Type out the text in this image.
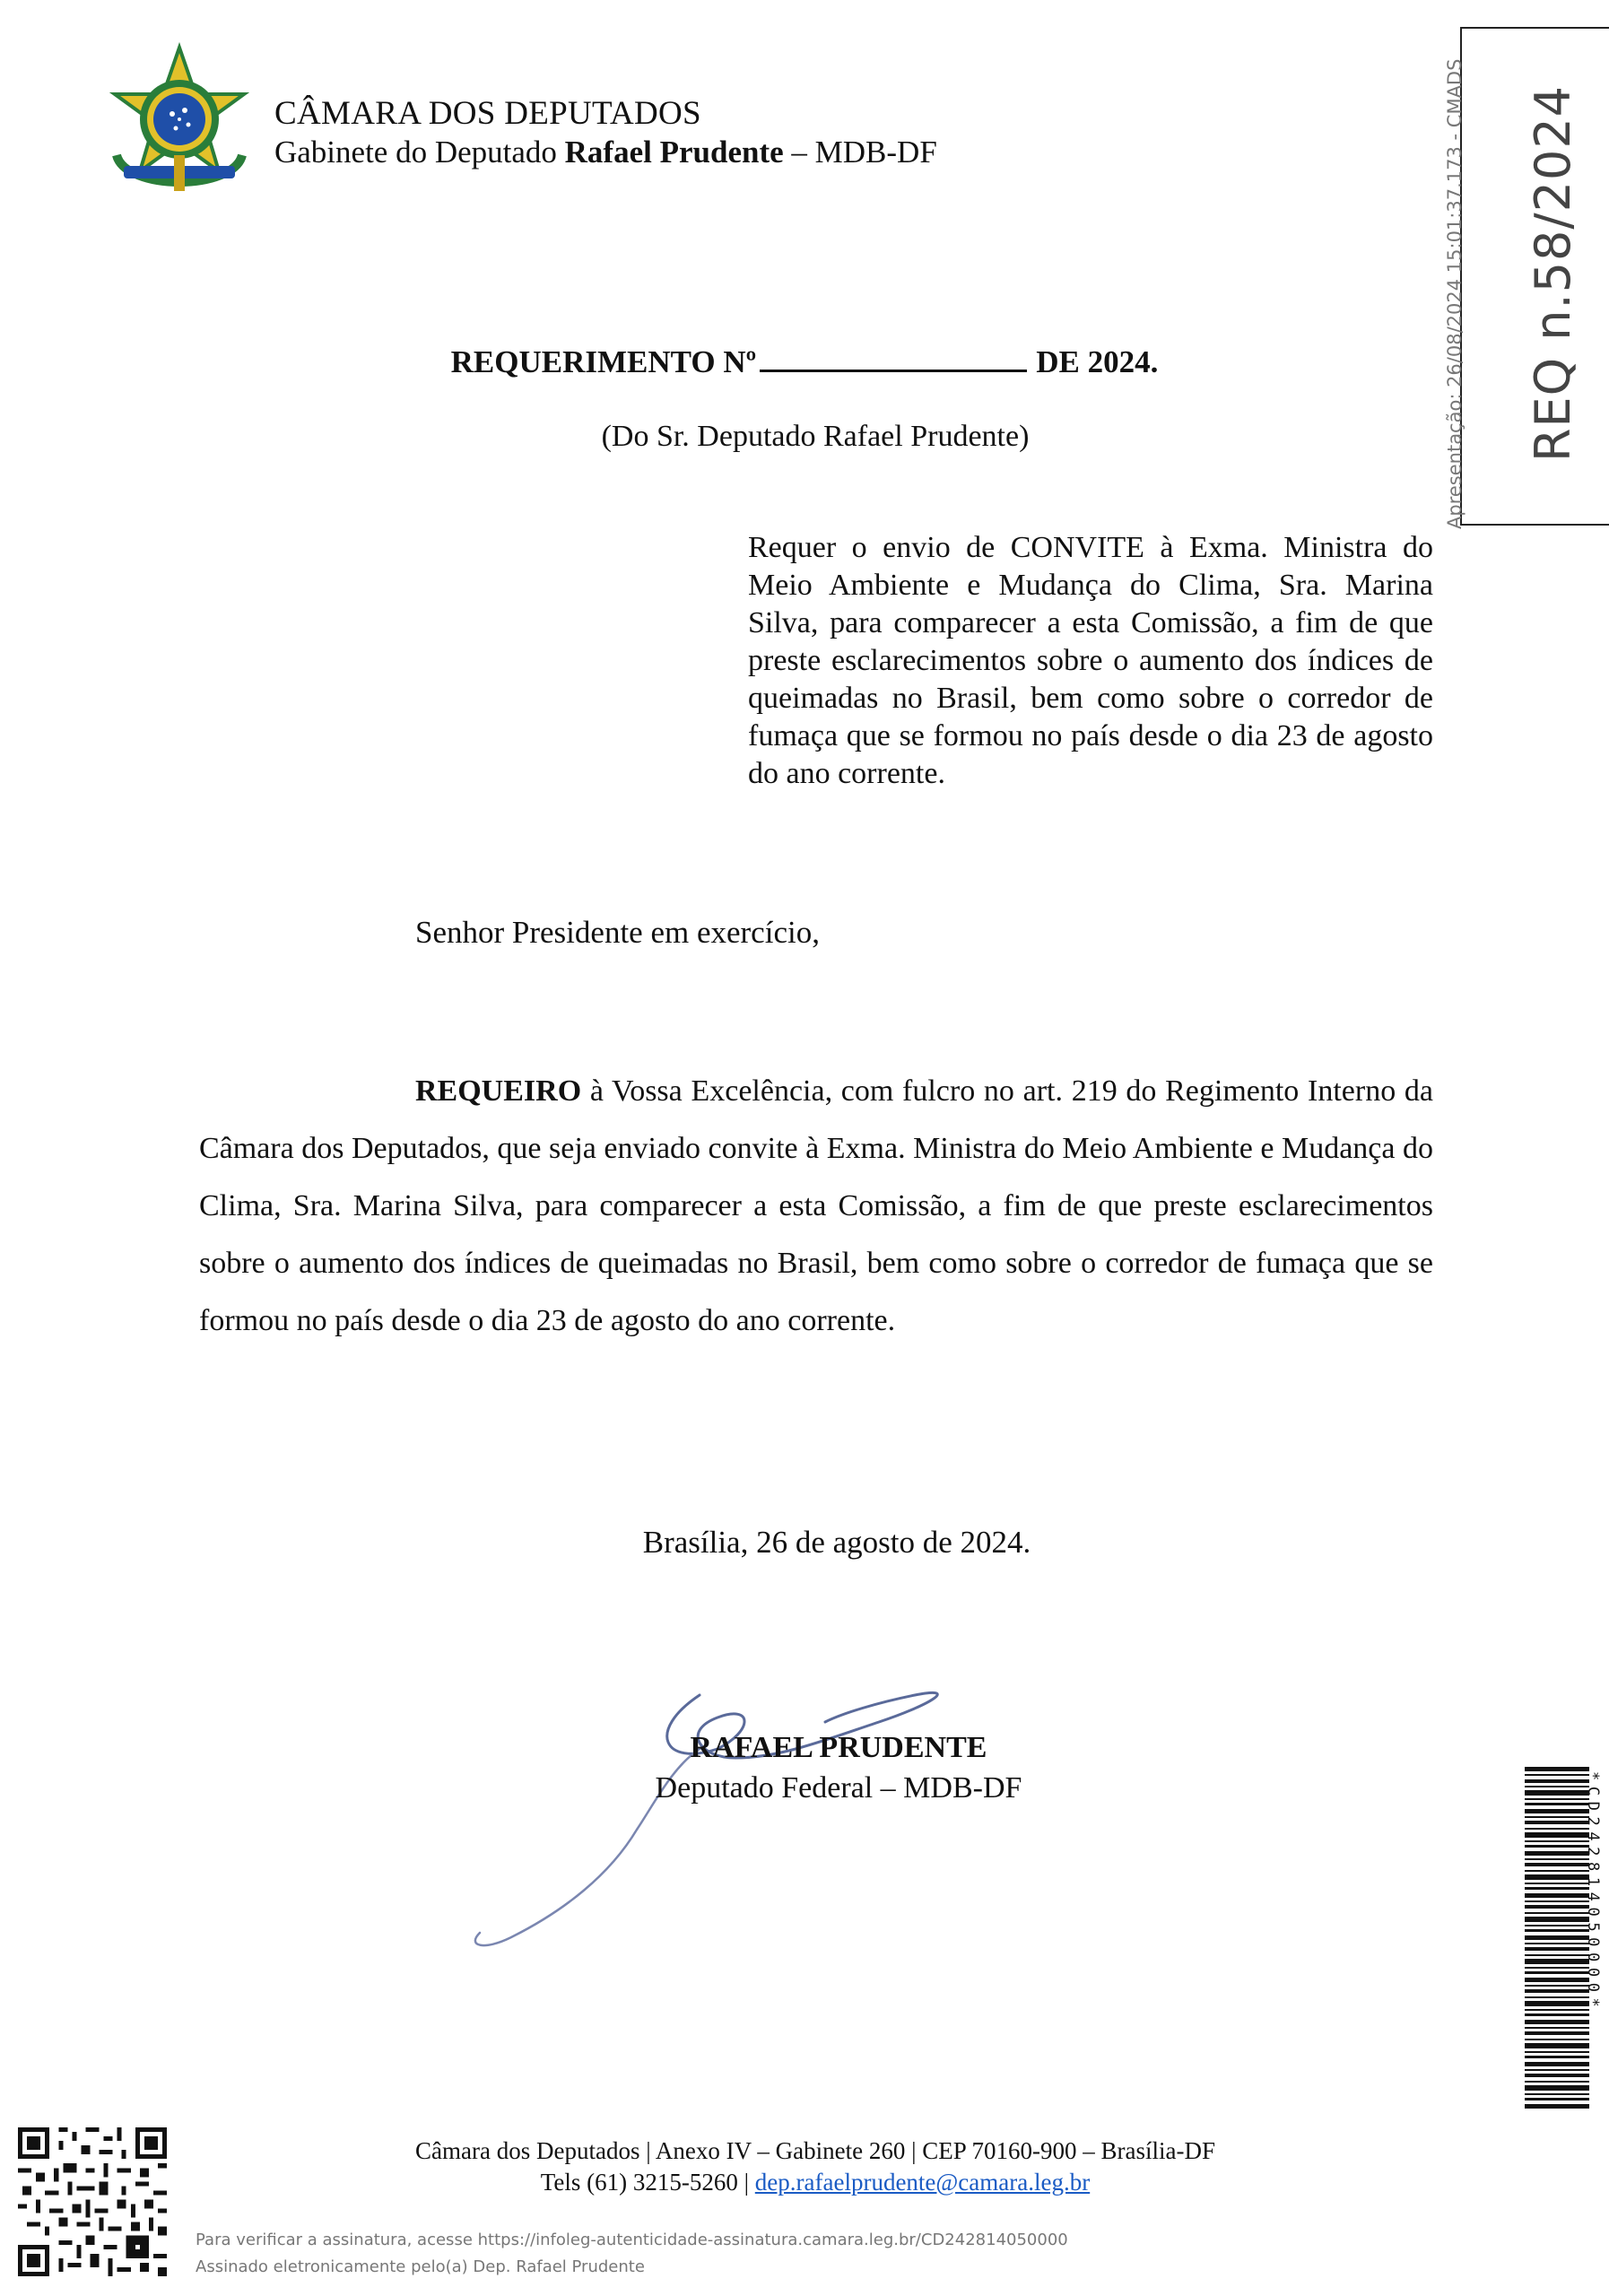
CÂMARA DOS DEPUTADOS
Gabinete do Deputado Rafael Prudente – MDB-DF	Apresentação: 26/08/2024 15:01:37.173 - CMADS REQ n.58/2024
REQUERIMENTO Nº	DE 2024.
(Do Sr. Deputado Rafael Prudente)
Requer o envio de CONVITE à Exma. Ministra do Meio Ambiente e Mudança do Clima, Sra. Marina Silva, para comparecer a esta Comissão, a fim de que preste esclarecimentos sobre o aumento dos índices de queimadas no Brasil, bem como sobre o corredor de fumaça que se formou no país desde o dia 23 de agosto do ano corrente.
Senhor Presidente em exercício,
REQUEIRO à Vossa Excelência, com fulcro no art. 219 do Regimento Interno da Câmara dos Deputados, que seja enviado convite à Exma. Ministra do Meio Ambiente e Mudança do Clima, Sra. Marina Silva, para comparecer a esta Comissão, a fim de que preste esclarecimentos sobre o aumento dos índices de queimadas no Brasil, bem como sobre o corredor de fumaça que se formou no país desde o dia 23 de agosto do ano corrente.
Brasília, 26 de agosto de 2024.
RAFAEL PRUDENTE
Deputado Federal – MDB-DF	*CD242814050000*
Câmara dos Deputados | Anexo IV – Gabinete 260 | CEP 70160-900 – Brasília-DF
Tels (61) 3215-5260 | dep.rafaelprudente@camara.leg.br
Para verificar a assinatura, acesse https://infoleg-autenticidade-assinatura.camara.leg.br/CD242814050000
Assinado eletronicamente pelo(a) Dep. Rafael Prudente
